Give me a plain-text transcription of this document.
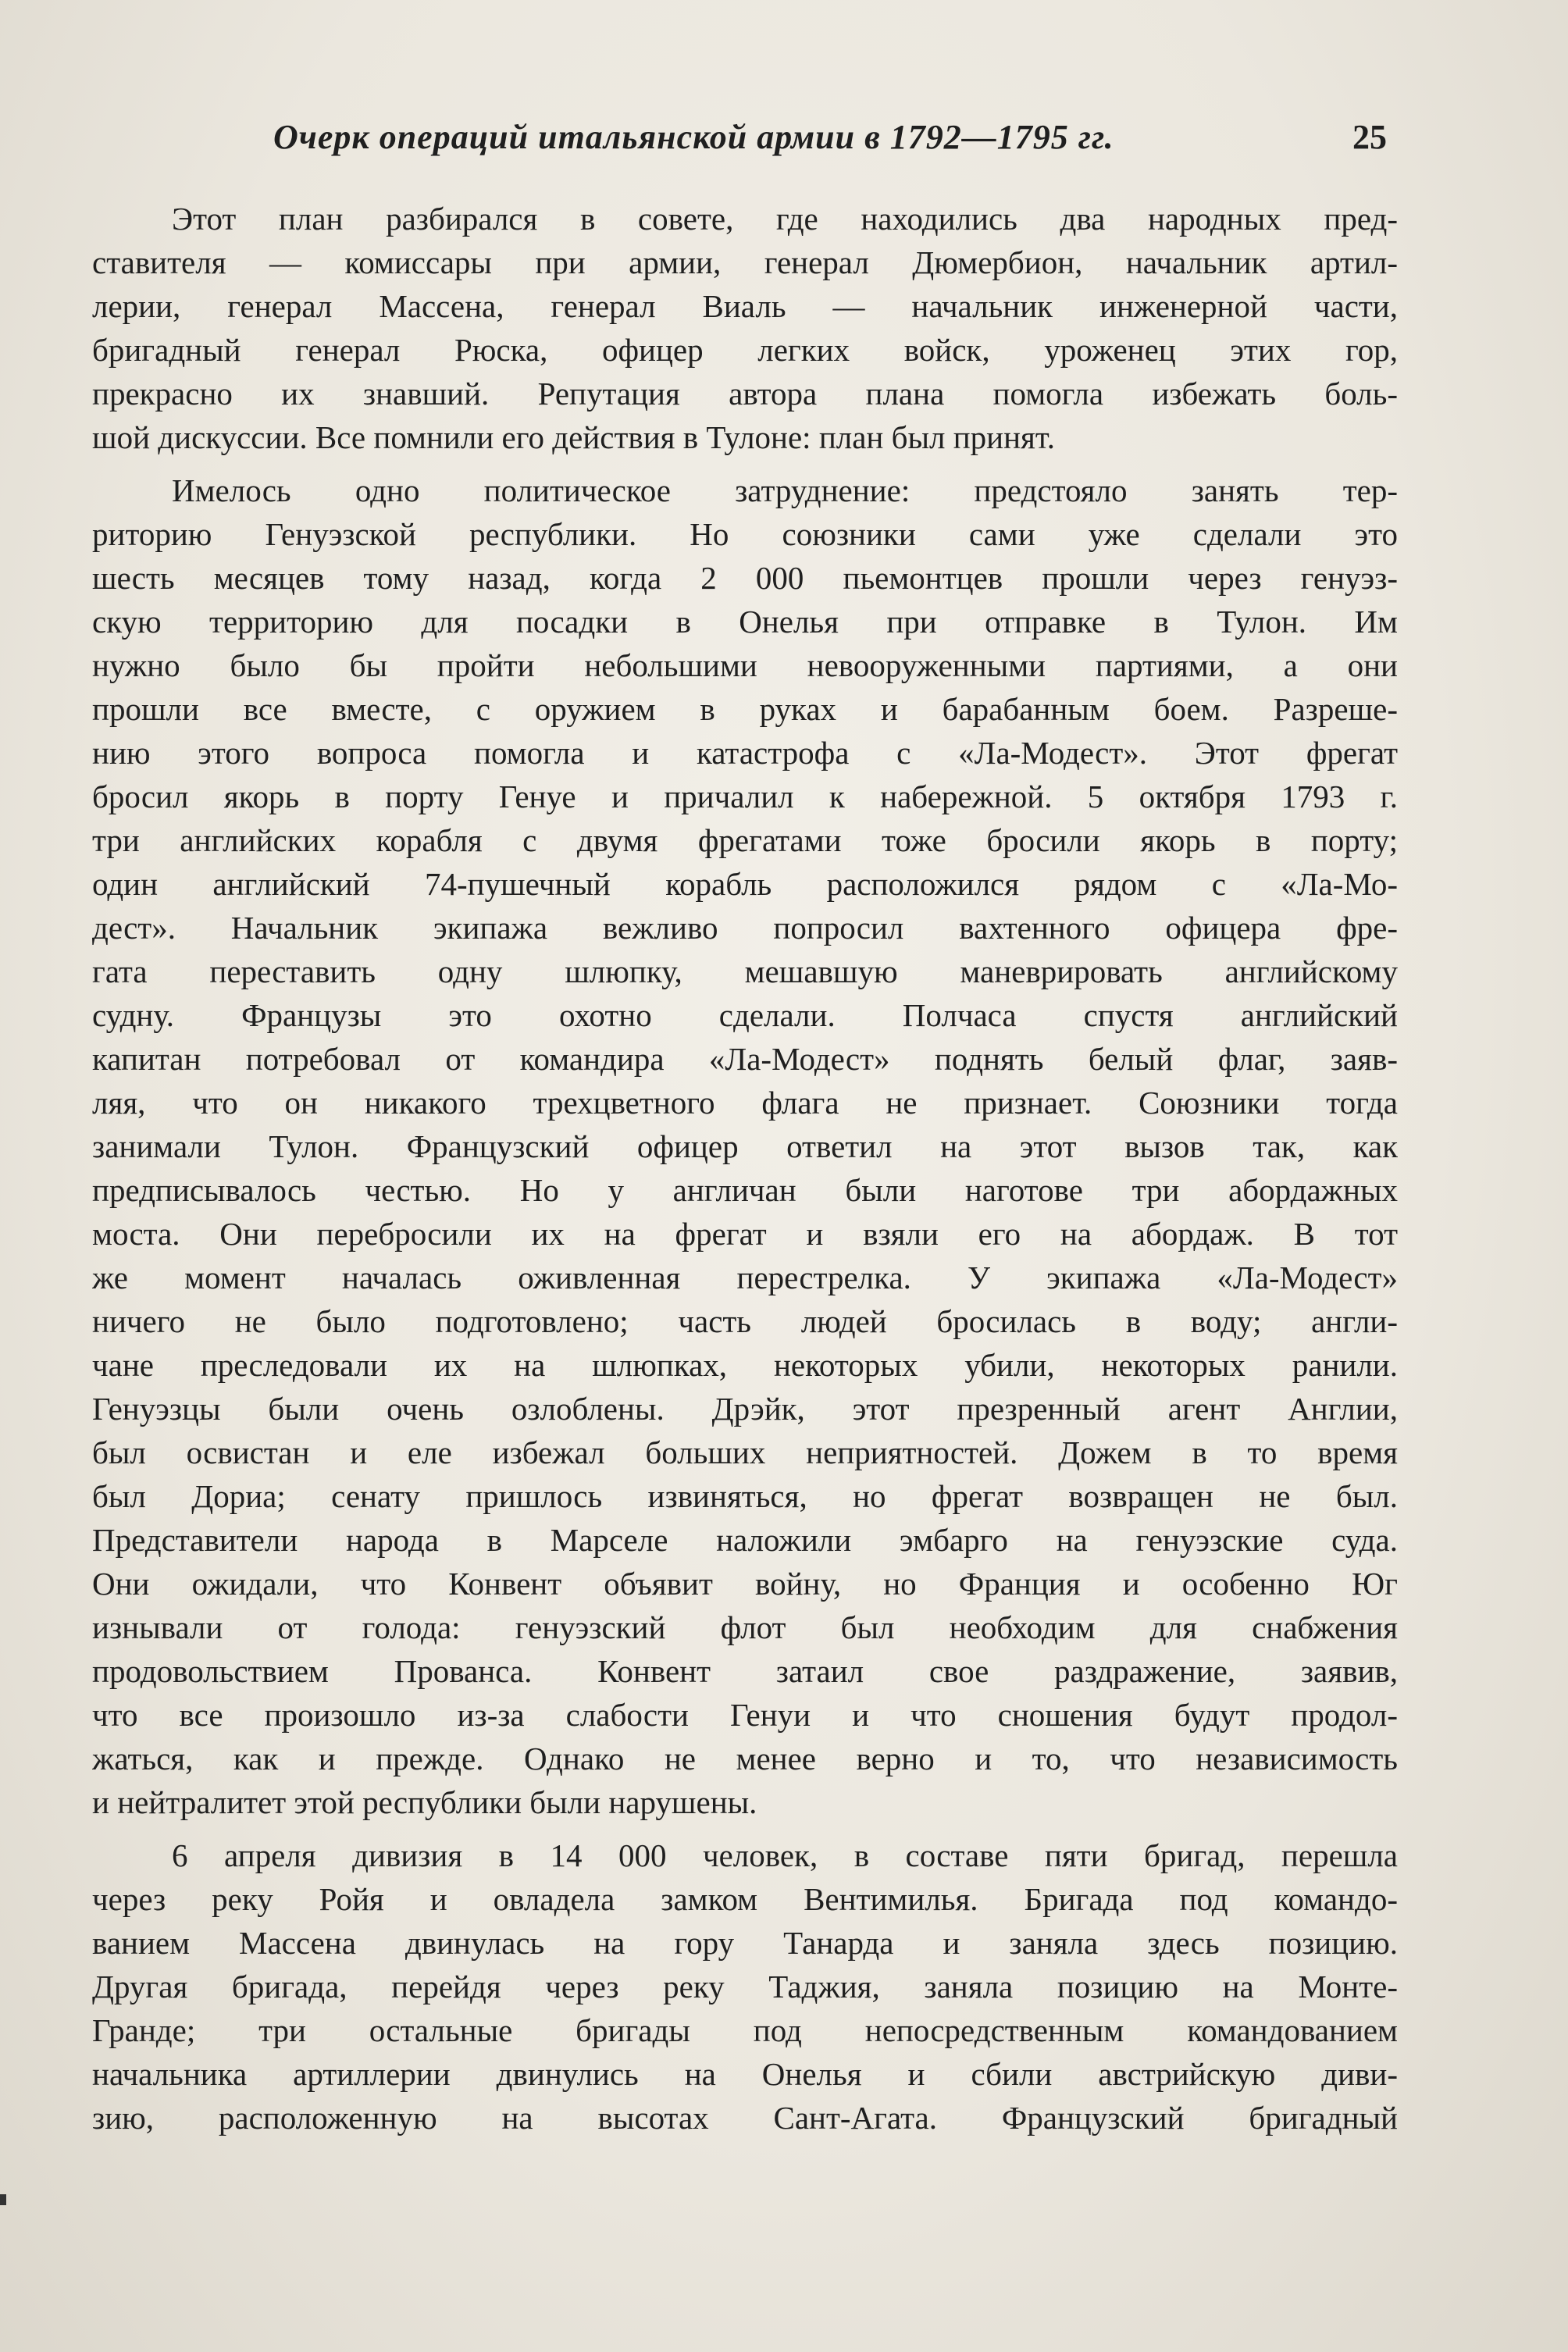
Очерк операций итальянской армии в 1792—1795 гг.	25
Этот план разбирался в совете, где находились два народных пред-
ставителя — комиссары при армии, генерал Дюмербион, начальник артил-
лерии, генерал Массена, генерал Виаль — начальник инженерной части,
бригадный генерал Рюска, офицер легких войск, уроженец этих гор,
прекрасно их знавший. Репутация автора плана помогла избежать боль-
шой дискуссии. Все помнили его действия в Тулоне: план был принят.
Имелось одно политическое затруднение: предстояло занять тер-
риторию Генуэзской республики. Но союзники сами уже сделали это
шесть месяцев тому назад, когда 2 000 пьемонтцев прошли через генуэз-
скую территорию для посадки в Онелья при отправке в Тулон. Им
нужно было бы пройти небольшими невооруженными партиями, а они
прошли все вместе, с оружием в руках и барабанным боем. Разреше-
нию этого вопроса помогла и катастрофа с «Ла-Модест». Этот фрегат
бросил якорь в порту Генуе и причалил к набережной. 5 октября 1793 г.
три английских корабля с двумя фрегатами тоже бросили якорь в порту;
один английский 74-пушечный корабль расположился рядом с «Ла-Мо-
дест». Начальник экипажа вежливо попросил вахтенного офицера фре-
гата переставить одну шлюпку, мешавшую маневрировать английскому
судну. Французы это охотно сделали. Полчаса спустя английский
капитан потребовал от командира «Ла-Модест» поднять белый флаг, заяв-
ляя, что он никакого трехцветного флага не признает. Союзники тогда
занимали Тулон. Французский офицер ответил на этот вызов так, как
предписывалось честью. Но у англичан были наготове три абордажных
моста. Они перебросили их на фрегат и взяли его на абордаж. В тот
же момент началась оживленная перестрелка. У экипажа «Ла-Модест»
ничего не было подготовлено; часть людей бросилась в воду; англи-
чане преследовали их на шлюпках, некоторых убили, некоторых ранили.
Генуэзцы были очень озлоблены. Дрэйк, этот презренный агент Англии,
был освистан и еле избежал больших неприятностей. Дожем в то время
был Дориа; сенату пришлось извиняться, но фрегат возвращен не был.
Представители народа в Марселе наложили эмбарго на генуэзские суда.
Они ожидали, что Конвент объявит войну, но Франция и особенно Юг
изнывали от голода: генуэзский флот был необходим для снабжения
продовольствием Прованса. Конвент затаил свое раздражение, заявив,
что все произошло из-за слабости Генуи и что сношения будут продол-
жаться, как и прежде. Однако не менее верно и то, что независимость
и нейтралитет этой республики были нарушены.
6 апреля дивизия в 14 000 человек, в составе пяти бригад, перешла
через реку Ройя и овладела замком Вентимилья. Бригада под командо-
ванием Массена двинулась на гору Танарда и заняла здесь позицию.
Другая бригада, перейдя через реку Таджия, заняла позицию на Монте-
Гранде; три остальные бригады под непосредственным командованием
начальника артиллерии двинулись на Онелья и сбили австрийскую диви-
зию, расположенную на высотах Сант-Агата. Французский бригадный
